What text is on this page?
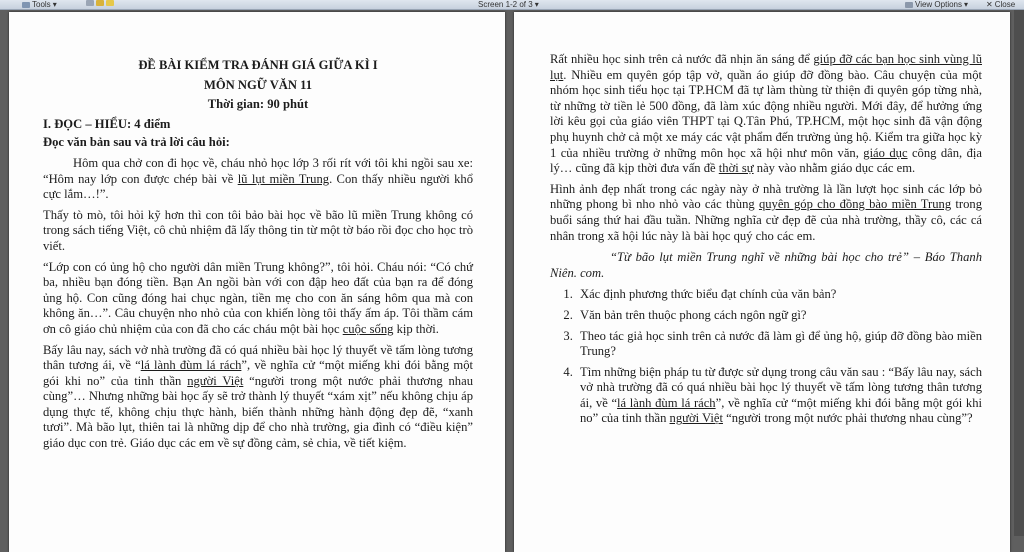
Tools ▾	Screen 1-2 of 3 ▾	View Options ▾ ✕ Close
ĐỀ BÀI KIỂM TRA ĐÁNH GIÁ GIỮA KÌ I
MÔN NGỮ VĂN 11
Thời gian: 90 phút
I. ĐỌC – HIỂU: 4 điểm
Đọc văn bản sau và trả lời câu hỏi:

Hôm qua chở con đi học về, cháu nhỏ học lớp 3 rối rít với tôi khi ngồi sau xe: “Hôm nay lớp con được chép bài về lũ lụt miền Trung. Con thấy nhiều người khổ cực lắm…!”.

Thấy tò mò, tôi hỏi kỹ hơn thì con tôi bảo bài học về bão lũ miền Trung không có trong sách tiếng Việt, cô chủ nhiệm đã lấy thông tin từ một tờ báo rồi đọc cho học trò viết.

“Lớp con có ủng hộ cho người dân miền Trung không?”, tôi hỏi. Cháu nói: “Có chứ ba, nhiều bạn đóng tiền. Bạn An ngồi bàn với con đập heo đất của bạn ra để đóng ủng hộ. Con cũng đóng hai chục ngàn, tiền mẹ cho con ăn sáng hôm qua mà con không ăn…”. Câu chuyện nho nhỏ của con khiến lòng tôi thấy ấm áp. Tôi thầm cám ơn cô giáo chủ nhiệm của con đã cho các cháu một bài học cuộc sống kịp thời.

Bấy lâu nay, sách vở nhà trường đã có quá nhiều bài học lý thuyết về tấm lòng tương thân tương ái, về “lá lành đùm lá rách”, về nghĩa cử “một miếng khi đói bằng một gói khi no” của tinh thần người Việt “người trong một nước phải thương nhau cùng”… Nhưng những bài học ấy sẽ trở thành lý thuyết “xám xịt” nếu không chịu áp dụng thực tế, không chịu thực hành, biến thành những hành động đẹp đẽ, “xanh tươi”. Mà bão lụt, thiên tai là những dịp để cho nhà trường, gia đình có “điều kiện” giáo dục con trẻ. Giáo dục các em về sự đồng cảm, sẻ chia, về tiết kiệm.

Rất nhiều học sinh trên cả nước đã nhịn ăn sáng để giúp đỡ các bạn học sinh vùng lũ lụt. Nhiều em quyên góp tập vở, quần áo giúp đỡ đồng bào. Câu chuyện của một nhóm học sinh tiểu học tại TP.HCM đã tự làm thùng từ thiện đi quyên góp từng nhà, từ những tờ tiền lẻ 500 đồng, đã làm xúc động nhiều người. Mới đây, để hưởng ứng lời kêu gọi của giáo viên THPT tại Q.Tân Phú, TP.HCM, một học sinh đã vận động phụ huynh chở cả một xe máy các vật phẩm đến trường ủng hộ. Kiểm tra giữa học kỳ 1 của nhiều trường ở những môn học xã hội như môn văn, giáo dục công dân, địa lý… cũng đã kịp thời đưa vấn đề thời sự này vào nhằm giáo dục các em.

Hình ảnh đẹp nhất trong các ngày này ở nhà trường là lần lượt học sinh các lớp bỏ những phong bì nho nhỏ vào các thùng quyên góp cho đồng bào miền Trung trong buổi sáng thứ hai đầu tuần. Những nghĩa cử đẹp đẽ của nhà trường, thầy cô, các cá nhân trong xã hội lúc này là bài học quý cho các em.

“Từ bão lụt miền Trung nghĩ về những bài học cho trẻ” – Báo Thanh Niên. com.

1. Xác định phương thức biểu đạt chính của văn bản?
2. Văn bản trên thuộc phong cách ngôn ngữ gì?
3. Theo tác giả học sinh trên cả nước đã làm gì để ủng hộ, giúp đỡ đồng bào miền Trung?
4. Tìm những biện pháp tu từ được sử dụng trong câu văn sau : “Bấy lâu nay, sách vở nhà trường đã có quá nhiều bài học lý thuyết về tấm lòng tương thân tương ái, về “lá lành đùm lá rách”, về nghĩa cử “một miếng khi đói bằng một gói khi no” của tinh thần người Việt “người trong một nước phải thương nhau cùng”?
